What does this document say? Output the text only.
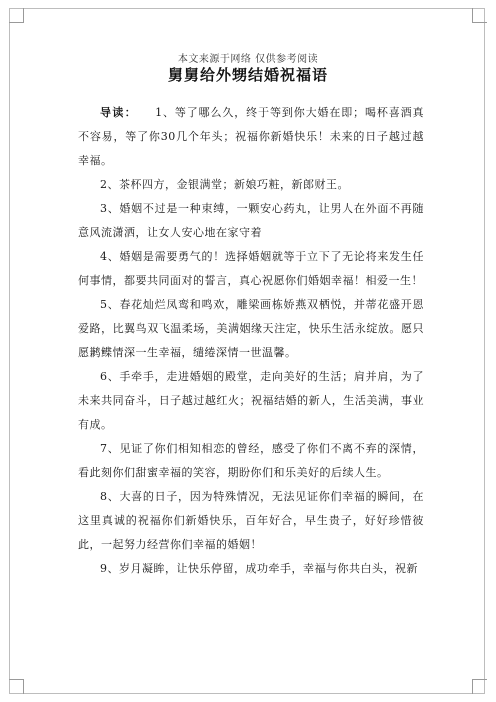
本文来源于网络 仅供参考阅读
舅舅给外甥结婚祝福语

导读： 1、等了哪么久，终于等到你大婚在即；喝杯喜酒真不容易，等了你30几个年头；祝福你新婚快乐！未来的日子越过越幸福。

2、茶杯四方，金银满堂；新娘巧粧，新郎财王。

3、婚姻不过是一种束缚，一颗安心药丸，让男人在外面不再随意风流潇洒，让女人安心地在家守着

4、婚姻是需要勇气的！选择婚姻就等于立下了无论将来发生任何事情，都要共同面对的誓言，真心祝愿你们婚姻幸福！相爱一生！

5、春花灿烂凤鸾和鸣欢，雕梁画栋娇燕双栖悦，并蒂花盛开恩爱路，比翼鸟双飞温柔场，美满姻缘天注定，快乐生活永绽放。愿只愿鹣鲽情深一生幸福，缱绻深情一世温馨。

6、手牵手，走进婚姻的殿堂，走向美好的生活；肩并肩，为了未来共同奋斗，日子越过越红火；祝福结婚的新人，生活美满，事业有成。

7、见证了你们相知相恋的曾经，感受了你们不离不弃的深情，看此刻你们甜蜜幸福的笑容，期盼你们和乐美好的后续人生。

8、大喜的日子，因为特殊情况，无法见证你们幸福的瞬间，在这里真诚的祝福你们新婚快乐，百年好合，早生贵子，好好珍惜彼此，一起努力经营你们幸福的婚姻！

9、岁月凝眸，让快乐停留，成功牵手，幸福与你共白头，祝新
